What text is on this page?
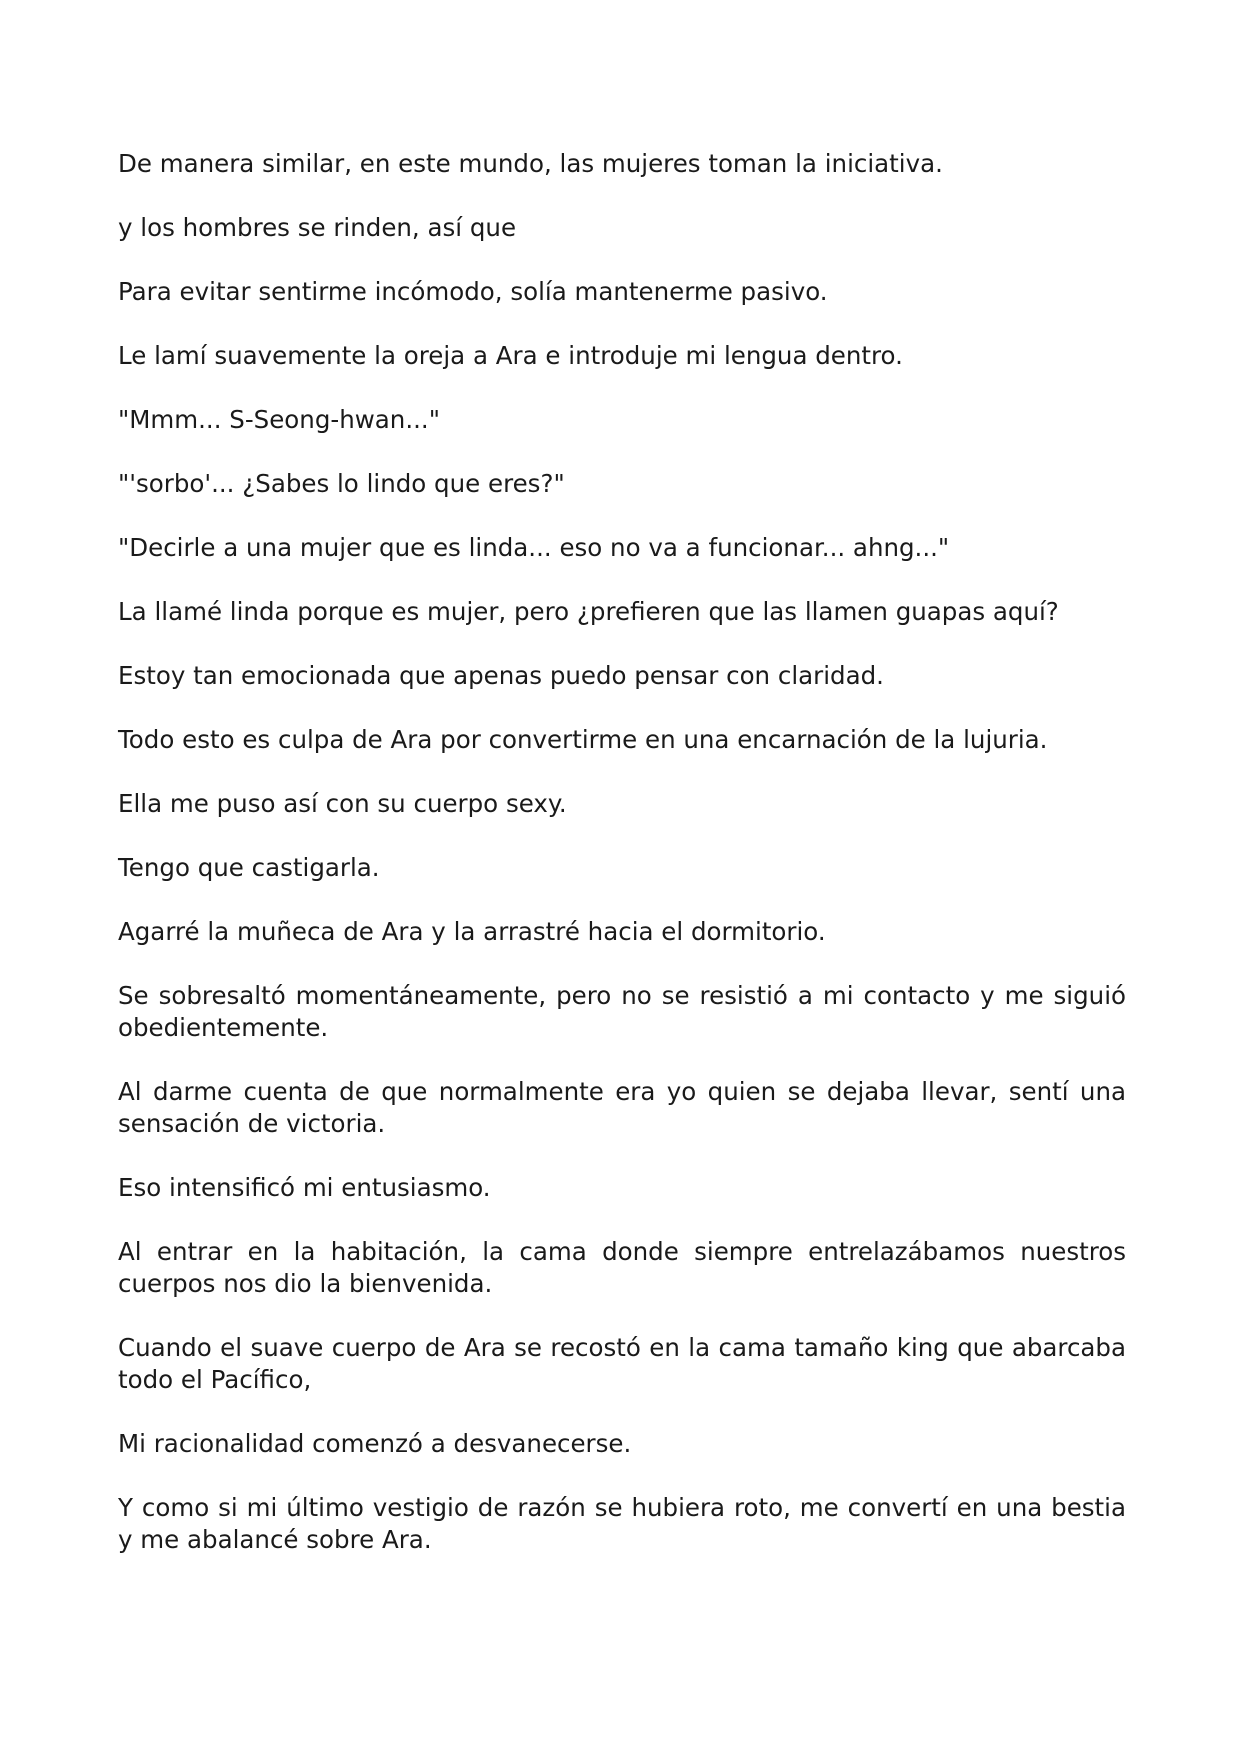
De manera similar, en este mundo, las mujeres toman la iniciativa.

y los hombres se rinden, así que

Para evitar sentirme incómodo, solía mantenerme pasivo.

Le lamí suavemente la oreja a Ara e introduje mi lengua dentro.

"Mmm... S-Seong-hwan..."

"'sorbo'... ¿Sabes lo lindo que eres?"

"Decirle a una mujer que es linda... eso no va a funcionar... ahng..."

La llamé linda porque es mujer, pero ¿prefieren que las llamen guapas aquí?

Estoy tan emocionada que apenas puedo pensar con claridad.

Todo esto es culpa de Ara por convertirme en una encarnación de la lujuria.

Ella me puso así con su cuerpo sexy.

Tengo que castigarla.

Agarré la muñeca de Ara y la arrastré hacia el dormitorio.

Se sobresaltó momentáneamente, pero no se resistió a mi contacto y me siguió obedientemente.

Al darme cuenta de que normalmente era yo quien se dejaba llevar, sentí una sensación de victoria.

Eso intensificó mi entusiasmo.

Al entrar en la habitación, la cama donde siempre entrelazábamos nuestros cuerpos nos dio la bienvenida.

Cuando el suave cuerpo de Ara se recostó en la cama tamaño king que abarcaba todo el Pacífico,

Mi racionalidad comenzó a desvanecerse.

Y como si mi último vestigio de razón se hubiera roto, me convertí en una bestia y me abalancé sobre Ara.
